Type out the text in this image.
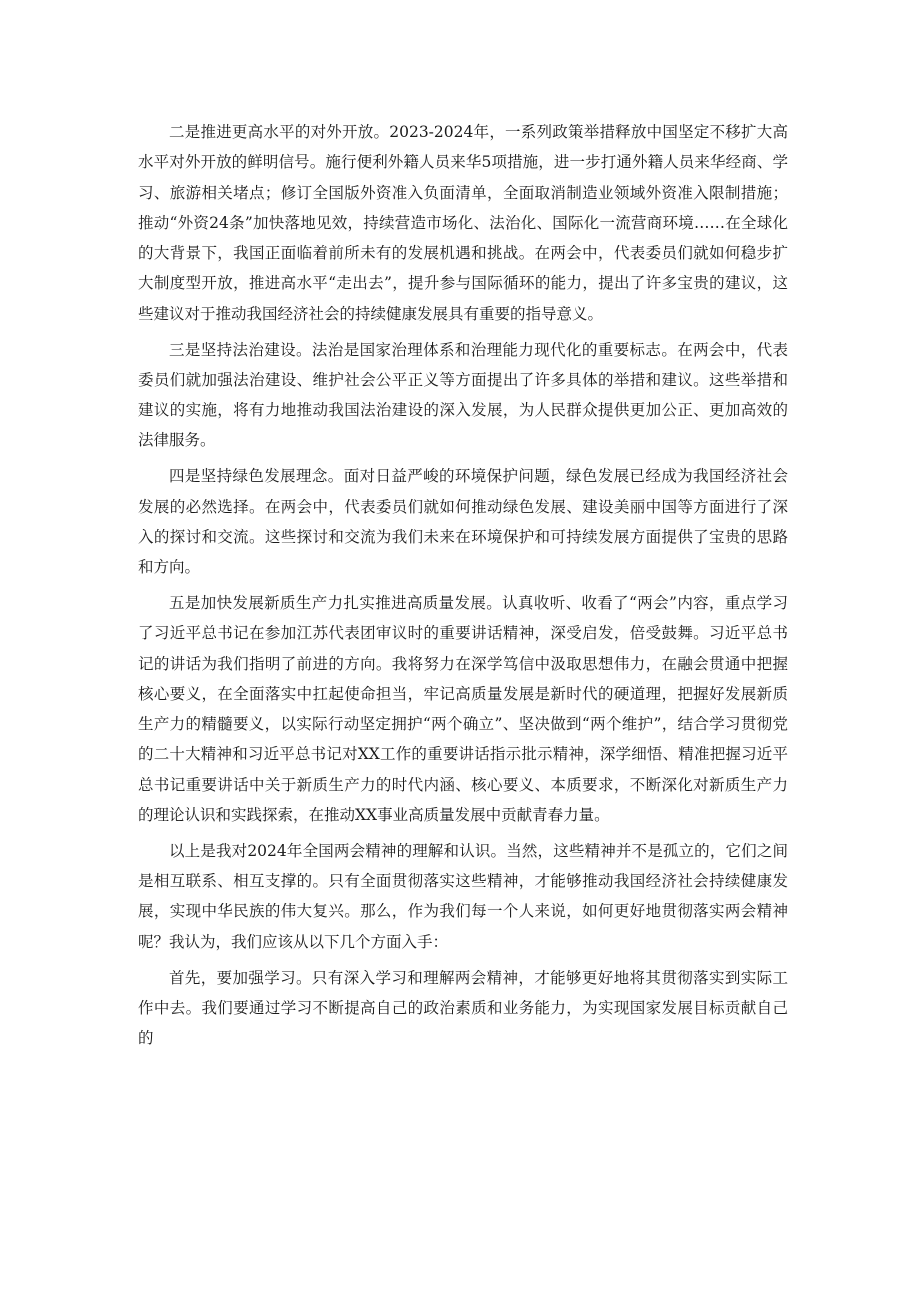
二是推进更高水平的对外开放。2023-2024年，一系列政策举措释放中国坚定不移扩大高水平对外开放的鲜明信号。施行便利外籍人员来华5项措施，进一步打通外籍人员来华经商、学习、旅游相关堵点；修订全国版外资准入负面清单，全面取消制造业领域外资准入限制措施；推动“外资24条”加快落地见效，持续营造市场化、法治化、国际化一流营商环境……在全球化的大背景下，我国正面临着前所未有的发展机遇和挑战。在两会中，代表委员们就如何稳步扩大制度型开放，推进高水平“走出去”，提升参与国际循环的能力，提出了许多宝贵的建议，这些建议对于推动我国经济社会的持续健康发展具有重要的指导意义。

三是坚持法治建设。法治是国家治理体系和治理能力现代化的重要标志。在两会中，代表委员们就加强法治建设、维护社会公平正义等方面提出了许多具体的举措和建议。这些举措和建议的实施，将有力地推动我国法治建设的深入发展，为人民群众提供更加公正、更加高效的法律服务。

四是坚持绿色发展理念。面对日益严峻的环境保护问题，绿色发展已经成为我国经济社会发展的必然选择。在两会中，代表委员们就如何推动绿色发展、建设美丽中国等方面进行了深入的探讨和交流。这些探讨和交流为我们未来在环境保护和可持续发展方面提供了宝贵的思路和方向。

五是加快发展新质生产力扎实推进高质量发展。认真收听、收看了“两会”内容，重点学习了习近平总书记在参加江苏代表团审议时的重要讲话精神，深受启发，倍受鼓舞。习近平总书记的讲话为我们指明了前进的方向。我将努力在深学笃信中汲取思想伟力，在融会贯通中把握核心要义，在全面落实中扛起使命担当，牢记高质量发展是新时代的硬道理，把握好发展新质生产力的精髓要义，以实际行动坚定拥护“两个确立”、坚决做到“两个维护”，结合学习贯彻党的二十大精神和习近平总书记对XX工作的重要讲话指示批示精神，深学细悟、精准把握习近平总书记重要讲话中关于新质生产力的时代内涵、核心要义、本质要求，不断深化对新质生产力的理论认识和实践探索，在推动XX事业高质量发展中贡献青春力量。

以上是我对2024年全国两会精神的理解和认识。当然，这些精神并不是孤立的，它们之间是相互联系、相互支撑的。只有全面贯彻落实这些精神，才能够推动我国经济社会持续健康发展，实现中华民族的伟大复兴。那么，作为我们每一个人来说，如何更好地贯彻落实两会精神呢？我认为，我们应该从以下几个方面入手：

首先，要加强学习。只有深入学习和理解两会精神，才能够更好地将其贯彻落实到实际工作中去。我们要通过学习不断提高自己的政治素质和业务能力，为实现国家发展目标贡献自己的
